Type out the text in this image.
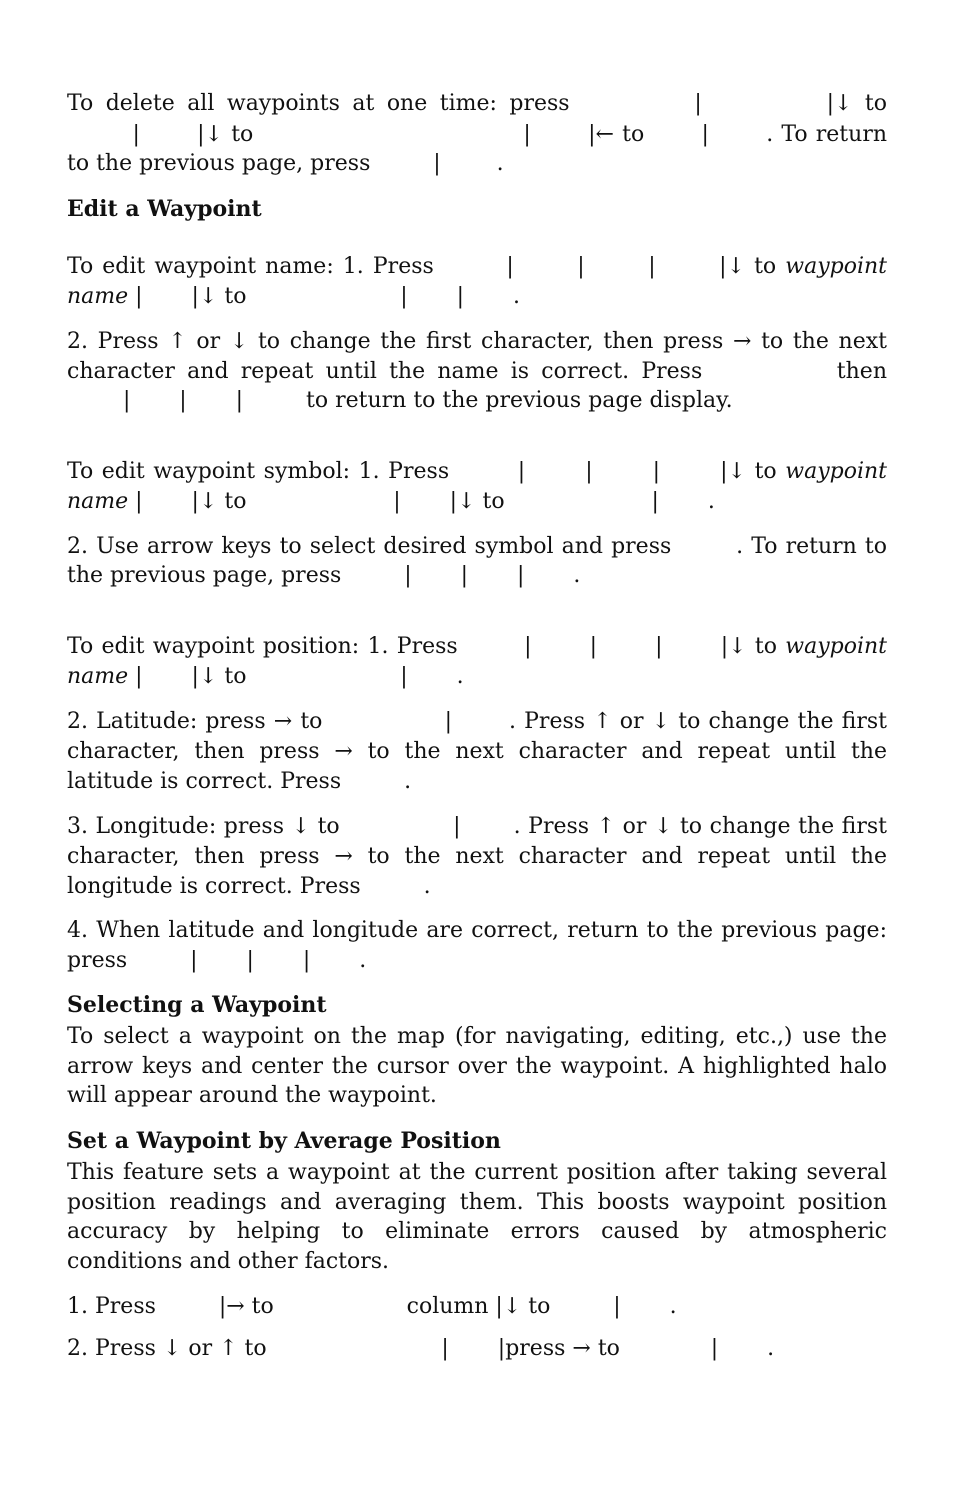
To delete all waypoints at one time: press          |          |↓ to
|       |↓ to                                 |       |← to       |       . To return
to the previous page, press         |        .
Edit a Waypoint
To edit waypoint name: 1. Press        |       |       |       |↓ to waypoint
name |       |↓ to                      |       |       .
2. Press ↑ or ↓ to change the first character, then press → to the next
character and repeat until the name is correct. Press           then
|       |       |         to return to the previous page display.
To edit waypoint symbol: 1. Press        |       |       |       |↓ to waypoint
name |       |↓ to                     |       |↓ to                     |       .
2. Use arrow keys to select desired symbol and press        . To return to
the previous page, press         |       |       |       .
To edit waypoint position: 1. Press        |       |       |       |↓ to waypoint
name |       |↓ to                      |       .
2. Latitude: press → to               |       . Press ↑ or ↓ to change the first
character, then press → to the next character and repeat until the
latitude is correct. Press         .
3. Longitude: press ↓ to               |       . Press ↑ or ↓ to change the first
character, then press → to the next character and repeat until the
longitude is correct. Press         .
4. When latitude and longitude are correct, return to the previous page:
press         |       |       |       .
Selecting a Waypoint
To select a waypoint on the map (for navigating, editing, etc.,) use the
arrow keys and center the cursor over the waypoint. A highlighted halo
will appear around the waypoint.
Set a Waypoint by Average Position
This feature sets a waypoint at the current position after taking several
position readings and averaging them. This boosts waypoint position
accuracy by helping to eliminate errors caused by atmospheric
conditions and other factors.
1. Press         |→ to                   column |↓ to         |       .
2. Press ↓ or ↑ to                         |       |press → to             |       .
